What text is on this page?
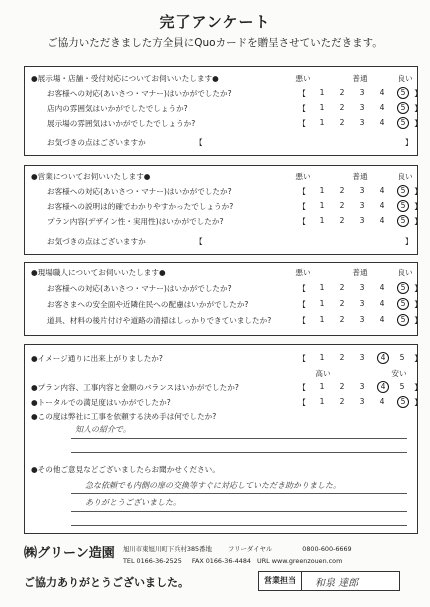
完了アンケート
ご協力いただきました方全員にQuoカードを贈呈させていただきます。
悪い	普通	良い
●展示場・店舗・受付対応についてお伺いいたします●
お客様への対応(あいさつ・マナー)はいかがでしたか?	【	1	2	3	4	5	】
店内の雰囲気はいかがでしたでしょうか?	【	1	2	3	4	5	】
展示場の雰囲気はいかがでしたでしょうか?	【	1	2	3	4	5	】
お気づきの点はございますか	【	】
悪い	普通	良い
●営業についてお伺いいたします●
お客様への対応(あいさつ・マナー)はいかがでしたか?	【	1	2	3	4	5	】
お客様への説明は的確でわかりやすかったでしょうか?	【	1	2	3	4	5	】
プラン内容(デザイン性・実用性)はいかがでしたか?	【	1	2	3	4	5	】
お気づきの点はございますか	【	】
悪い	普通	良い
●現場職人についてお伺いいたします●
お客様への対応(あいさつ・マナー)はいかがでしたか?	【	1	2	3	4	5	】
お客さまへの安全面や近隣住民への配慮はいかがでしたか?	【	1	2	3	4	5	】
道具、材料の後片付けや道路の清掃はしっかりできていましたか?	【	1	2	3	4	5	】
●イメージ通りに出来上がりましたか?	【	1	2	3	4	5	】
高い	安い
●プラン内容、工事内容と金額のバランスはいかがでしたか?	【	1	2	3	4	5	】
●トータルでの満足度はいかがでしたか?	【	1	2	3	4	5	】
●この度は弊社に工事を依頼する決め手は何でしたか?
知人の紹介で。
●その他ご意見などございましたらお聞かせください。
急な依頼でも内側の扉の交換等すぐに対応していただき助かりました。
ありがとうございました。
㈱グリーン造園 旭川市東旭川町下兵村385番地	フリーダイヤル	0800-600-6669
TEL 0166-36-2525 FAX 0166-36-4484 URL www.greenzouen.com
ご協力ありがとうございました。	営業担当	和泉 達郎
